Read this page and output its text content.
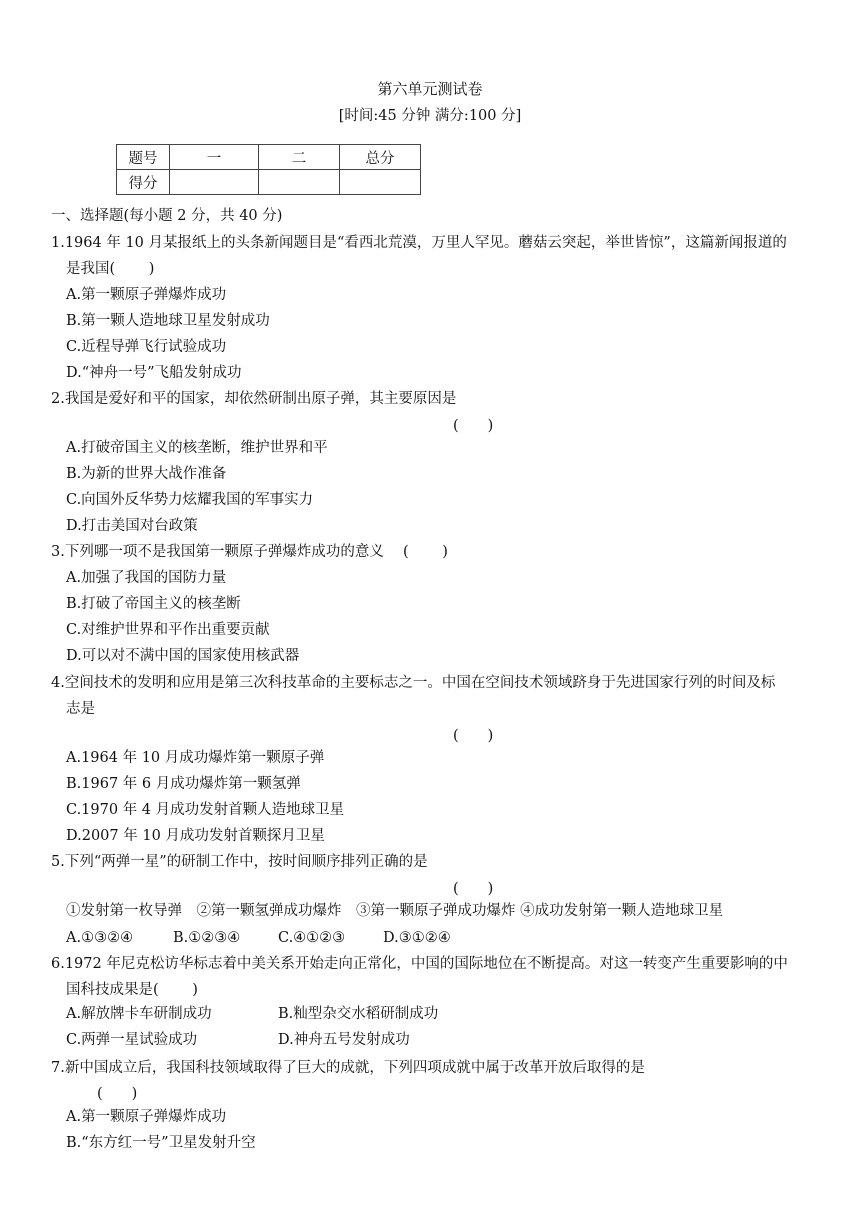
第六单元测试卷
[时间:45 分钟 满分:100 分]
题号	一	二	总分
得分			
一、选择题(每小题 2 分，共 40 分)
1.1964 年 10 月某报纸上的头条新闻题目是“看西北荒漠，万里人罕见。蘑菇云突起，举世皆惊”，这篇新闻报道的
是我国(　　 )
A.第一颗原子弹爆炸成功
B.第一颗人造地球卫星发射成功
C.近程导弹飞行试验成功
D.“神舟一号”飞船发射成功
2.我国是爱好和平的国家，却依然研制出原子弹，其主要原因是
(　　)
A.打破帝国主义的核垄断，维护世界和平
B.为新的世界大战作准备
C.向国外反华势力炫耀我国的军事实力
D.打击美国对台政策
3.下列哪一项不是我国第一颗原子弹爆炸成功的意义　 (　　 )
A.加强了我国的国防力量
B.打破了帝国主义的核垄断
C.对维护世界和平作出重要贡献
D.可以对不满中国的国家使用核武器
4.空间技术的发明和应用是第三次科技革命的主要标志之一。中国在空间技术领域跻身于先进国家行列的时间及标
志是
(　　)
A.1964 年 10 月成功爆炸第一颗原子弹
B.1967 年 6 月成功爆炸第一颗氢弹
C.1970 年 4 月成功发射首颗人造地球卫星
D.2007 年 10 月成功发射首颗探月卫星
5.下列“两弹一星”的研制工作中，按时间顺序排列正确的是
(　　)
①发射第一枚导弹　②第一颗氢弹成功爆炸　③第一颗原子弹成功爆炸 ④成功发射第一颗人造地球卫星
A.①③②④	B.①②③④	C.④①②③	D.③①②④
6.1972 年尼克松访华标志着中美关系开始走向正常化，中国的国际地位在不断提高。对这一转变产生重要影响的中
国科技成果是(　　 )
A.解放牌卡车研制成功	B.籼型杂交水稻研制成功
C.两弹一星试验成功	D.神舟五号发射成功
7.新中国成立后，我国科技领域取得了巨大的成就，下列四项成就中属于改革开放后取得的是
(　　)
A.第一颗原子弹爆炸成功
B.“东方红一号”卫星发射升空
